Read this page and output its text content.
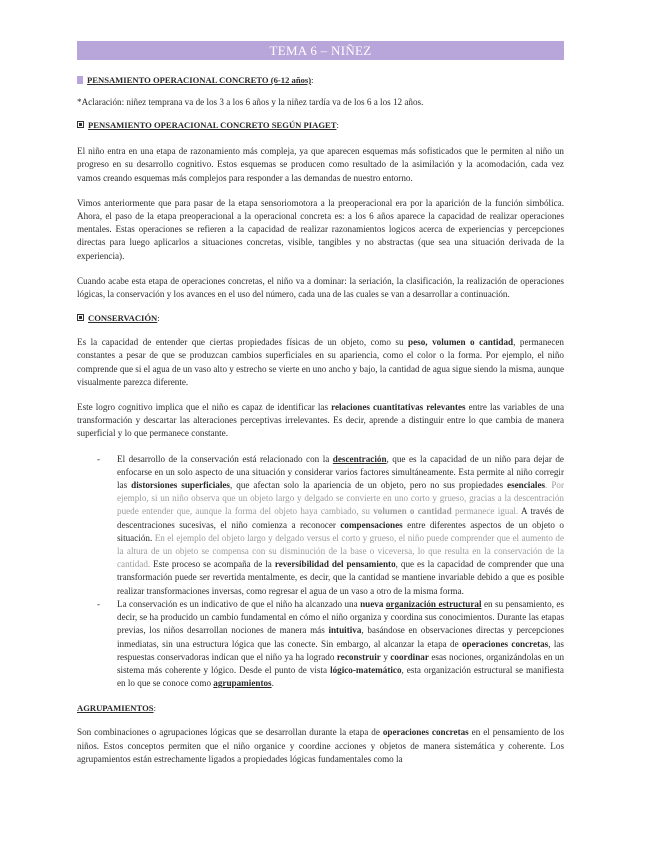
TEMA 6 – NIÑEZ

PENSAMIENTO OPERACIONAL CONCRETO (6-12 años):

*Aclaración: niñez temprana va de los 3 a los 6 años y la niñez tardía va de los 6 a los 12 años.

PENSAMIENTO OPERACIONAL CONCRETO SEGÚN PIAGET:

El niño entra en una etapa de razonamiento más compleja, ya que aparecen esquemas más sofisticados que le permiten al niño un progreso en su desarrollo cognitivo. Estos esquemas se producen como resultado de la asimilación y la acomodación, cada vez vamos creando esquemas más complejos para responder a las demandas de nuestro entorno.

Vimos anteriormente que para pasar de la etapa sensoriomotora a la preoperacional era por la aparición de la función simbólica. Ahora, el paso de la etapa preoperacional a la operacional concreta es: a los 6 años aparece la capacidad de realizar operaciones mentales. Estas operaciones se refieren a la capacidad de realizar razonamientos logicos acerca de experiencias y percepciones directas para luego aplicarlos a situaciones concretas, visible, tangibles y no abstractas (que sea una situación derivada de la experiencia).

Cuando acabe esta etapa de operaciones concretas, el niño va a dominar: la seriación, la clasificación, la realización de operaciones lógicas, la conservación y los avances en el uso del número, cada una de las cuales se van a desarrollar a continuación.

CONSERVACIÓN:

Es la capacidad de entender que ciertas propiedades físicas de un objeto, como su peso, volumen o cantidad, permanecen constantes a pesar de que se produzcan cambios superficiales en su apariencia, como el color o la forma. Por ejemplo, el niño comprende que si el agua de un vaso alto y estrecho se vierte en uno ancho y bajo, la cantidad de agua sigue siendo la misma, aunque visualmente parezca diferente.

Este logro cognitivo implica que el niño es capaz de identificar las relaciones cuantitativas relevantes entre las variables de una transformación y descartar las alteraciones perceptivas irrelevantes. Es decir, aprende a distinguir entre lo que cambia de manera superficial y lo que permanece constante.

- El desarrollo de la conservación está relacionado con la descentración, que es la capacidad de un niño para dejar de enfocarse en un solo aspecto de una situación y considerar varios factores simultáneamente. Esta permite al niño corregir las distorsiones superficiales, que afectan solo la apariencia de un objeto, pero no sus propiedades esenciales. Por ejemplo, si un niño observa que un objeto largo y delgado se convierte en uno corto y grueso, gracias a la descentración puede entender que, aunque la forma del objeto haya cambiado, su volumen o cantidad permanece igual. A través de descentraciones sucesivas, el niño comienza a reconocer compensaciones entre diferentes aspectos de un objeto o situación. En el ejemplo del objeto largo y delgado versus el corto y grueso, el niño puede comprender que el aumento de la altura de un objeto se compensa con su disminución de la base o viceversa, lo que resulta en la conservación de la cantidad. Este proceso se acompaña de la reversibilidad del pensamiento, que es la capacidad de comprender que una transformación puede ser revertida mentalmente, es decir, que la cantidad se mantiene invariable debido a que es posible realizar transformaciones inversas, como regresar el agua de un vaso a otro de la misma forma.

- La conservación es un indicativo de que el niño ha alcanzado una nueva organización estructural en su pensamiento, es decir, se ha producido un cambio fundamental en cómo el niño organiza y coordina sus conocimientos. Durante las etapas previas, los niños desarrollan nociones de manera más intuitiva, basándose en observaciones directas y percepciones inmediatas, sin una estructura lógica que las conecte. Sin embargo, al alcanzar la etapa de operaciones concretas, las respuestas conservadoras indican que el niño ya ha logrado reconstruir y coordinar esas nociones, organizándolas en un sistema más coherente y lógico. Desde el punto de vista lógico-matemático, esta organización estructural se manifiesta en lo que se conoce como agrupamientos.

AGRUPAMIENTOS:

Son combinaciones o agrupaciones lógicas que se desarrollan durante la etapa de operaciones concretas en el pensamiento de los niños. Estos conceptos permiten que el niño organice y coordine acciones y objetos de manera sistemática y coherente. Los agrupamientos están estrechamente ligados a propiedades lógicas fundamentales como la
